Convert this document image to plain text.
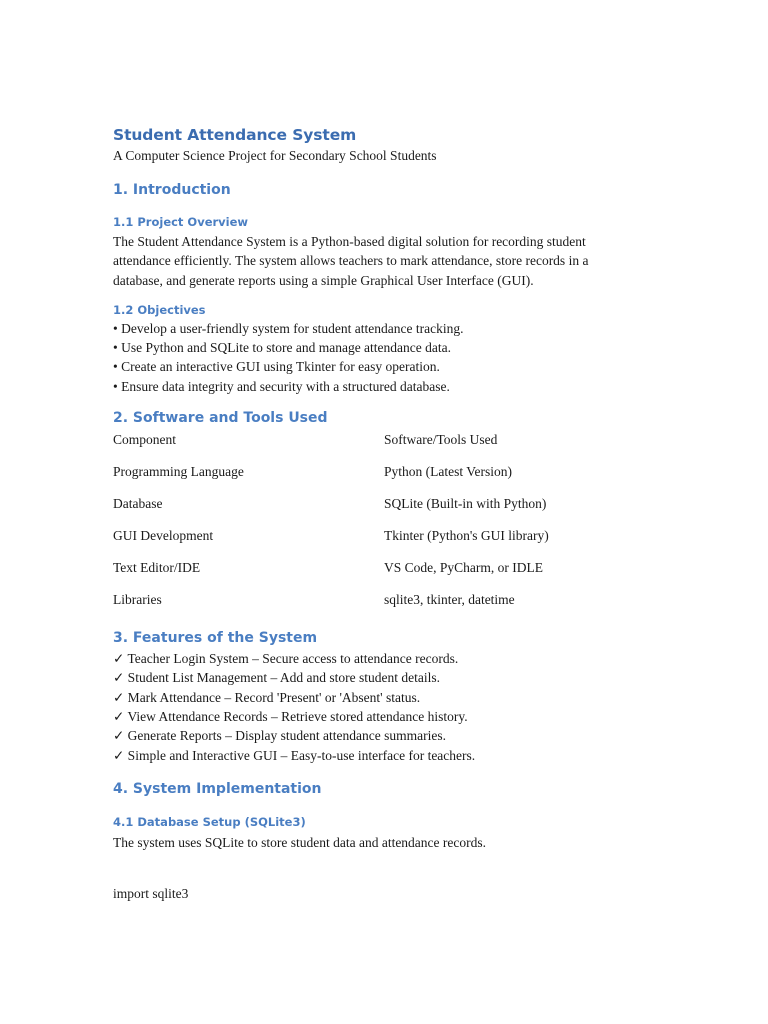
Student Attendance System

A Computer Science Project for Secondary School Students

1. Introduction
1.1 Project Overview

The Student Attendance System is a Python-based digital solution for recording student
attendance efficiently. The system allows teachers to mark attendance, store records in a
database, and generate reports using a simple Graphical User Interface (GUI).

1.2 Objectives
• Develop a user-friendly system for student attendance tracking.
• Use Python and SQLite to store and manage attendance data.
• Create an interactive GUI using Tkinter for easy operation.
• Ensure data integrity and security with a structured database.
2. Software and Tools Used
Component	Software/Tools Used
Programming Language	Python (Latest Version)
Database	SQLite (Built-in with Python)
GUI Development	Tkinter (Python's GUI library)
Text Editor/IDE	VS Code, PyCharm, or IDLE
Libraries	sqlite3, tkinter, datetime
3. Features of the System
✓ Teacher Login System – Secure access to attendance records.
✓ Student List Management – Add and store student details.
✓ Mark Attendance – Record 'Present' or 'Absent' status.
✓ View Attendance Records – Retrieve stored attendance history.
✓ Generate Reports – Display student attendance summaries.
✓ Simple and Interactive GUI – Easy-to-use interface for teachers.
4. System Implementation
4.1 Database Setup (SQLite3)

The system uses SQLite to store student data and attendance records.

import sqlite3
